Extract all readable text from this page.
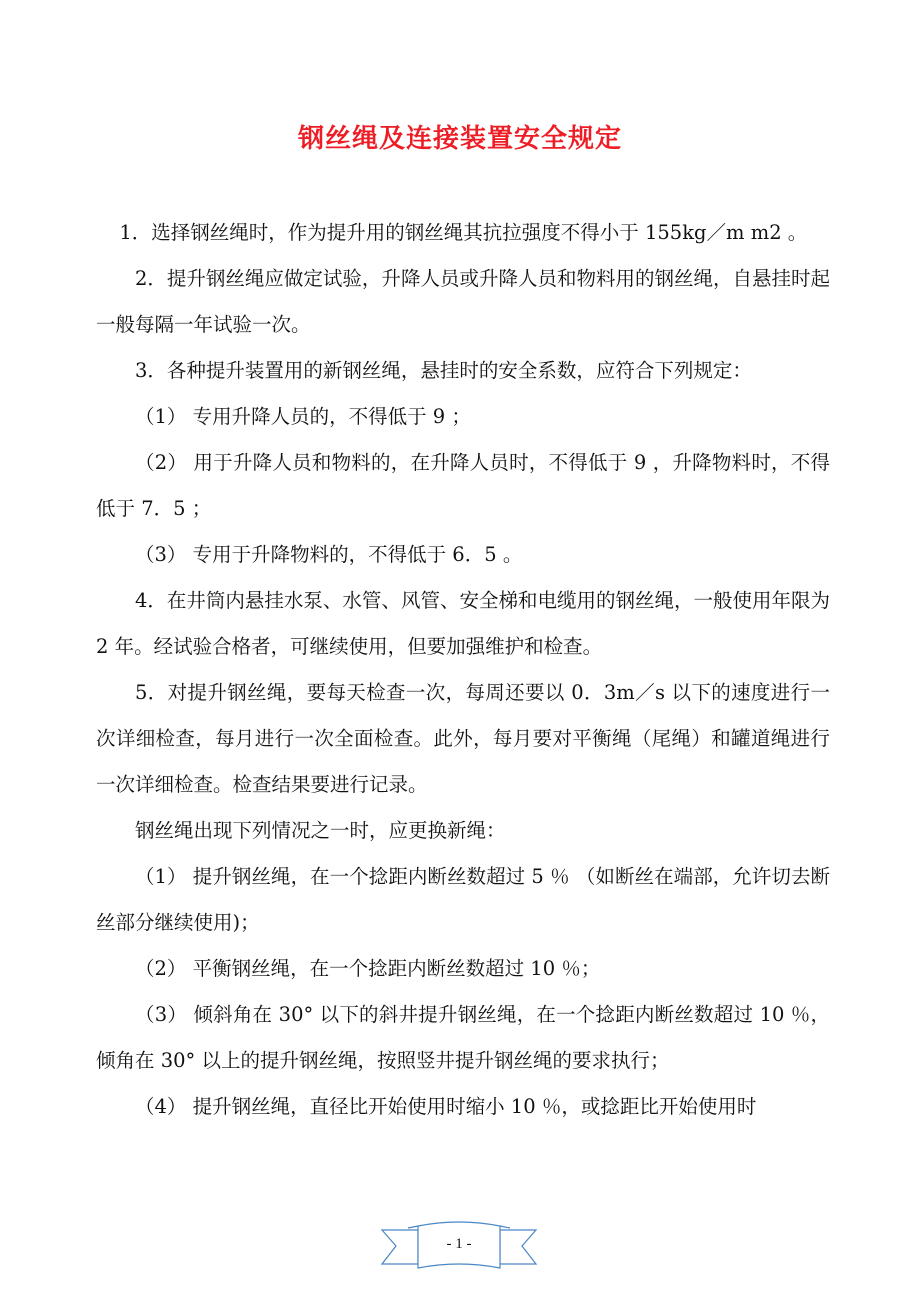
钢丝绳及连接装置安全规定

1．选择钢丝绳时，作为提升用的钢丝绳其抗拉强度不得小于 155kg／m m2 。

2．提升钢丝绳应做定试验，升降人员或升降人员和物料用的钢丝绳，自悬挂时起一般每隔一年试验一次。

3．各种提升装置用的新钢丝绳，悬挂时的安全系数，应符合下列规定：

（1） 专用升降人员的，不得低于 9 ；

（2） 用于升降人员和物料的，在升降人员时，不得低于 9 ，升降物料时，不得低于 7．5 ；

（3） 专用于升降物料的，不得低于 6．5 。

4．在井筒内悬挂水泵、水管、风管、安全梯和电缆用的钢丝绳，一般使用年限为 2 年。经试验合格者，可继续使用，但要加强维护和检查。

5．对提升钢丝绳，要每天检查一次，每周还要以 0．3m／s 以下的速度进行一次详细检查，每月进行一次全面检查。此外，每月要对平衡绳（尾绳）和罐道绳进行一次详细检查。检查结果要进行记录。

钢丝绳出现下列情况之一时，应更换新绳：

（1） 提升钢丝绳，在一个捻距内断丝数超过 5 ％ （如断丝在端部，允许切去断丝部分继续使用)；

（2） 平衡钢丝绳，在一个捻距内断丝数超过 10 ％；

（3） 倾斜角在 30° 以下的斜井提升钢丝绳，在一个捻距内断丝数超过 10 ％，倾角在 30° 以上的提升钢丝绳，按照竖井提升钢丝绳的要求执行；

（4） 提升钢丝绳，直径比开始使用时缩小 10 ％，或捻距比开始使用时

- 1 -
